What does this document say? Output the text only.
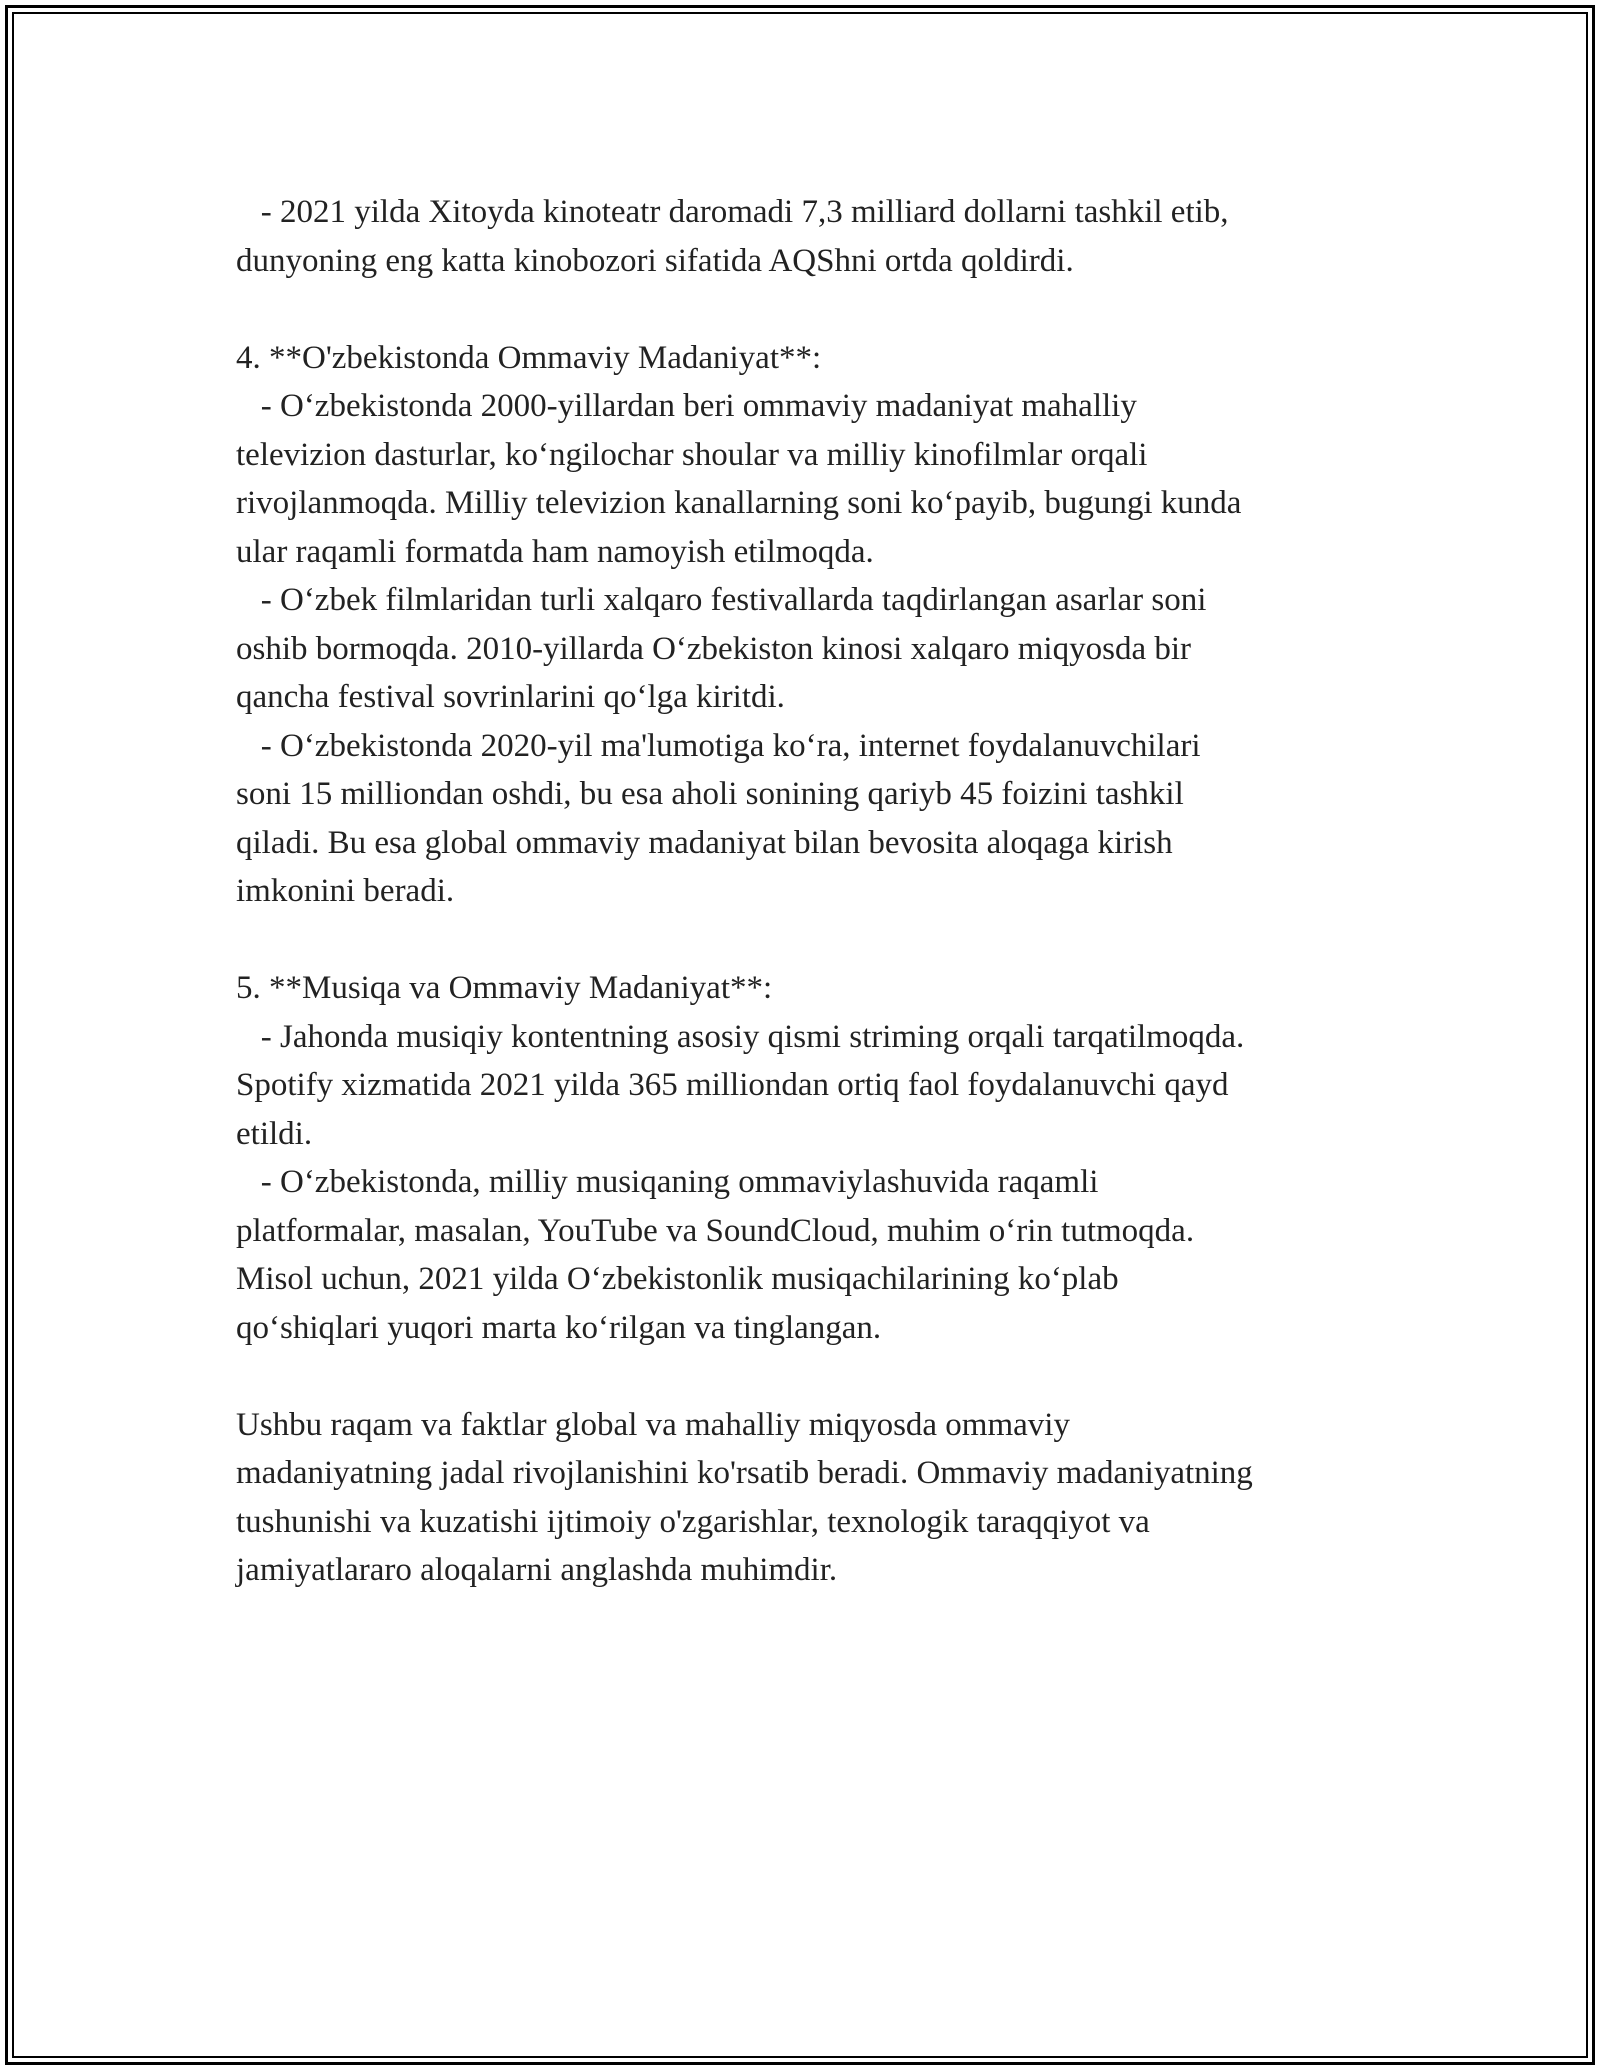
- 2021 yilda Xitoyda kinoteatr daromadi 7,3 milliard dollarni tashkil etib,
dunyoning eng katta kinobozori sifatida AQShni ortda qoldirdi.
4. **O'zbekistonda Ommaviy Madaniyat**:
- O‘zbekistonda 2000-yillardan beri ommaviy madaniyat mahalliy
televizion dasturlar, ko‘ngilochar shoular va milliy kinofilmlar orqali
rivojlanmoqda. Milliy televizion kanallarning soni ko‘payib, bugungi kunda
ular raqamli formatda ham namoyish etilmoqda.
- O‘zbek filmlaridan turli xalqaro festivallarda taqdirlangan asarlar soni
oshib bormoqda. 2010-yillarda O‘zbekiston kinosi xalqaro miqyosda bir
qancha festival sovrinlarini qo‘lga kiritdi.
- O‘zbekistonda 2020-yil ma'lumotiga ko‘ra, internet foydalanuvchilari
soni 15 milliondan oshdi, bu esa aholi sonining qariyb 45 foizini tashkil
qiladi. Bu esa global ommaviy madaniyat bilan bevosita aloqaga kirish
imkonini beradi.
5. **Musiqa va Ommaviy Madaniyat**:
- Jahonda musiqiy kontentning asosiy qismi striming orqali tarqatilmoqda.
Spotify xizmatida 2021 yilda 365 milliondan ortiq faol foydalanuvchi qayd
etildi.
- O‘zbekistonda, milliy musiqaning ommaviylashuvida raqamli
platformalar, masalan, YouTube va SoundCloud, muhim o‘rin tutmoqda.
Misol uchun, 2021 yilda O‘zbekistonlik musiqachilarining ko‘plab
qo‘shiqlari yuqori marta ko‘rilgan va tinglangan.
Ushbu raqam va faktlar global va mahalliy miqyosda ommaviy
madaniyatning jadal rivojlanishini ko'rsatib beradi. Ommaviy madaniyatning
tushunishi va kuzatishi ijtimoiy o'zgarishlar, texnologik taraqqiyot va
jamiyatlararo aloqalarni anglashda muhimdir.
